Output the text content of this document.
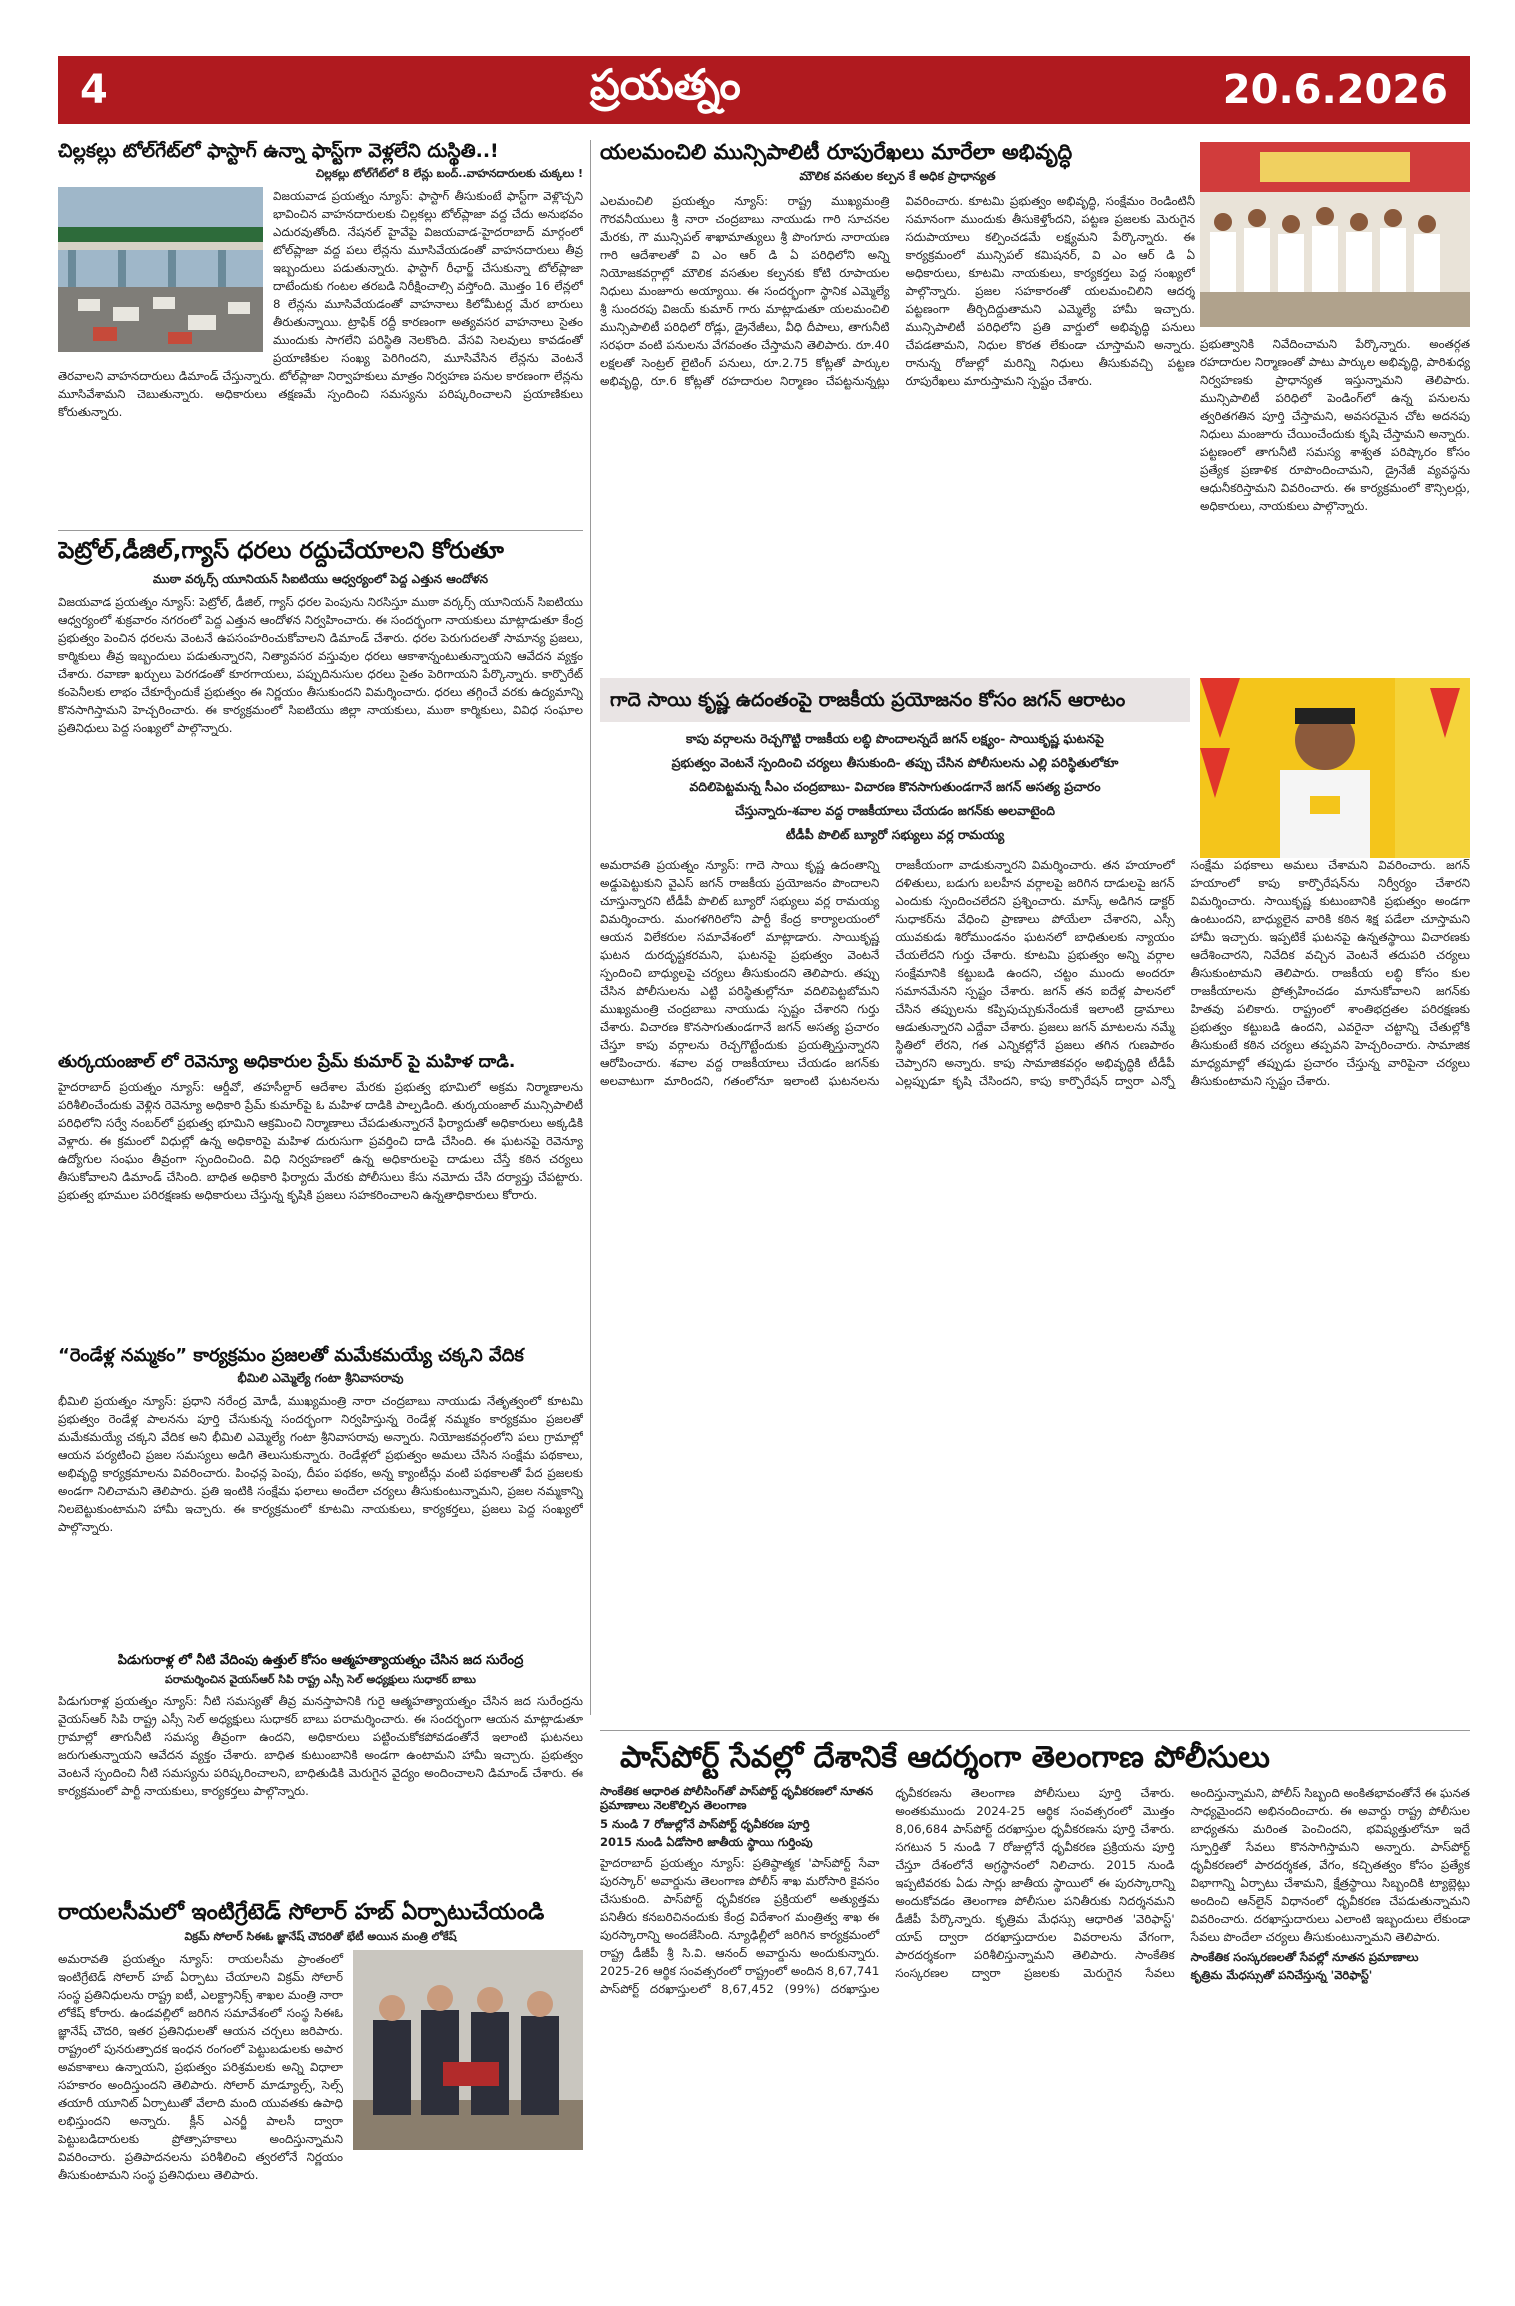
4	ప్రయత్నం	20.6.2026
చిల్లకల్లు టోల్‌గేట్‌లో ఫాస్టాగ్ ఉన్నా ఫాస్ట్‌గా వెళ్లలేని దుస్థితి..!
చిల్లకల్లు టోల్‌గేట్‌లో 8 లేన్లు బంద్..వాహనదారులకు చుక్కలు !
విజయవాడ ప్రయత్నం న్యూస్: ఫాస్టాగ్ తీసుకుంటే ఫాస్ట్‌గా వెళ్లొచ్చని భావించిన వాహనదారులకు చిల్లకల్లు టోల్‌ప్లాజా వద్ద చేదు అనుభవం ఎదురవుతోంది. నేషనల్ హైవేపై విజయవాడ-హైదరాబాద్ మార్గంలో టోల్‌ప్లాజా వద్ద పలు లేన్లను మూసివేయడంతో వాహనదారులు తీవ్ర ఇబ్బందులు పడుతున్నారు. ఫాస్టాగ్ రీఛార్జ్ చేసుకున్నా టోల్‌ప్లాజా దాటేందుకు గంటల తరబడి నిరీక్షించాల్సి వస్తోంది. మొత్తం 16 లేన్లలో 8 లేన్లను మూసివేయడంతో వాహనాలు కిలోమీటర్ల మేర బారులు తీరుతున్నాయి. ట్రాఫిక్ రద్దీ కారణంగా అత్యవసర వాహనాలు సైతం ముందుకు సాగలేని పరిస్థితి నెలకొంది. వేసవి సెలవులు కావడంతో ప్రయాణికుల సంఖ్య పెరిగిందని, మూసివేసిన లేన్లను వెంటనే తెరవాలని వాహనదారులు డిమాండ్ చేస్తున్నారు. టోల్‌ప్లాజా నిర్వాహకులు మాత్రం నిర్వహణ పనుల కారణంగా లేన్లను మూసివేశామని చెబుతున్నారు. అధికారులు తక్షణమే స్పందించి సమస్యను పరిష్కరించాలని ప్రయాణికులు కోరుతున్నారు.
పెట్రోల్,డీజిల్,గ్యాస్ ధరలు రద్దుచేయాలని కోరుతూ
ముఠా వర్కర్స్ యూనియన్ సిఐటియు ఆధ్వర్యంలో పెద్ద ఎత్తున ఆందోళన
విజయవాడ ప్రయత్నం న్యూస్: పెట్రోల్, డీజిల్, గ్యాస్ ధరల పెంపును నిరసిస్తూ ముఠా వర్కర్స్ యూనియన్ సిఐటియు ఆధ్వర్యంలో శుక్రవారం నగరంలో పెద్ద ఎత్తున ఆందోళన నిర్వహించారు. ఈ సందర్భంగా నాయకులు మాట్లాడుతూ కేంద్ర ప్రభుత్వం పెంచిన ధరలను వెంటనే ఉపసంహరించుకోవాలని డిమాండ్ చేశారు. ధరల పెరుగుదలతో సామాన్య ప్రజలు, కార్మికులు తీవ్ర ఇబ్బందులు పడుతున్నారని, నిత్యావసర వస్తువుల ధరలు ఆకాశాన్నంటుతున్నాయని ఆవేదన వ్యక్తం చేశారు. రవాణా ఖర్చులు పెరగడంతో కూరగాయలు, పప్పుదినుసుల ధరలు సైతం పెరిగాయని పేర్కొన్నారు. కార్పొరేట్ కంపెనీలకు లాభం చేకూర్చేందుకే ప్రభుత్వం ఈ నిర్ణయం తీసుకుందని విమర్శించారు. ధరలు తగ్గించే వరకు ఉద్యమాన్ని కొనసాగిస్తామని హెచ్చరించారు. ఈ కార్యక్రమంలో సిఐటియు జిల్లా నాయకులు, ముఠా కార్మికులు, వివిధ సంఘాల ప్రతినిధులు పెద్ద సంఖ్యలో పాల్గొన్నారు.
తుర్కయంజాల్ లో రెవెన్యూ అధికారుల ప్రేమ్ కుమార్ పై మహిళ దాడి.
హైదరాబాద్ ప్రయత్నం న్యూస్: ఆర్డీవో, తహసీల్దార్ ఆదేశాల మేరకు ప్రభుత్వ భూమిలో అక్రమ నిర్మాణాలను పరిశీలించేందుకు వెళ్లిన రెవెన్యూ అధికారి ప్రేమ్ కుమార్‌పై ఓ మహిళ దాడికి పాల్పడింది. తుర్కయంజాల్ మున్సిపాలిటీ పరిధిలోని సర్వే నంబర్‌లో ప్రభుత్వ భూమిని ఆక్రమించి నిర్మాణాలు చేపడుతున్నారనే ఫిర్యాదుతో అధికారులు అక్కడికి వెళ్లారు. ఈ క్రమంలో విధుల్లో ఉన్న అధికారిపై మహిళ దురుసుగా ప్రవర్తించి దాడి చేసింది. ఈ ఘటనపై రెవెన్యూ ఉద్యోగుల సంఘం తీవ్రంగా స్పందించింది. విధి నిర్వహణలో ఉన్న అధికారులపై దాడులు చేస్తే కఠిన చర్యలు తీసుకోవాలని డిమాండ్ చేసింది. బాధిత అధికారి ఫిర్యాదు మేరకు పోలీసులు కేసు నమోదు చేసి దర్యాప్తు చేపట్టారు. ప్రభుత్వ భూముల పరిరక్షణకు అధికారులు చేస్తున్న కృషికి ప్రజలు సహకరించాలని ఉన్నతాధికారులు కోరారు.
“రెండేళ్ల నమ్మకం” కార్యక్రమం ప్రజలతో మమేకమయ్యే చక్కని వేదిక
భీమిలి ఎమ్మెల్యే గంటా శ్రీనివాసరావు
భీమిలి ప్రయత్నం న్యూస్: ప్రధాని నరేంద్ర మోడీ, ముఖ్యమంత్రి నారా చంద్రబాబు నాయుడు నేతృత్వంలో కూటమి ప్రభుత్వం రెండేళ్ల పాలనను పూర్తి చేసుకున్న సందర్భంగా నిర్వహిస్తున్న రెండేళ్ల నమ్మకం కార్యక్రమం ప్రజలతో మమేకమయ్యే చక్కని వేదిక అని భీమిలి ఎమ్మెల్యే గంటా శ్రీనివాసరావు అన్నారు. నియోజకవర్గంలోని పలు గ్రామాల్లో ఆయన పర్యటించి ప్రజల సమస్యలు అడిగి తెలుసుకున్నారు. రెండేళ్లలో ప్రభుత్వం అమలు చేసిన సంక్షేమ పథకాలు, అభివృద్ధి కార్యక్రమాలను వివరించారు. పింఛన్ల పెంపు, దీపం పథకం, అన్న క్యాంటీన్లు వంటి పథకాలతో పేద ప్రజలకు అండగా నిలిచామని తెలిపారు. ప్రతి ఇంటికి సంక్షేమ ఫలాలు అందేలా చర్యలు తీసుకుంటున్నామని, ప్రజల నమ్మకాన్ని నిలబెట్టుకుంటామని హామీ ఇచ్చారు. ఈ కార్యక్రమంలో కూటమి నాయకులు, కార్యకర్తలు, ప్రజలు పెద్ద సంఖ్యలో పాల్గొన్నారు.
పిడుగురాళ్ల లో నీటి వేదింపు ఉత్తుల్ కోసం ఆత్మహత్యాయత్నం చేసిన జద సురేంద్ర
పరామర్శించిన వైయస్ఆర్ సిపి రాష్ట్ర ఎస్సీ సెల్ అధ్యక్షులు సుధాకర్ బాబు
పిడుగురాళ్ల ప్రయత్నం న్యూస్: నీటి సమస్యతో తీవ్ర మనస్తాపానికి గురై ఆత్మహత్యాయత్నం చేసిన జద సురేంద్రను వైయస్ఆర్ సిపి రాష్ట్ర ఎస్సీ సెల్ అధ్యక్షులు సుధాకర్ బాబు పరామర్శించారు. ఈ సందర్భంగా ఆయన మాట్లాడుతూ గ్రామాల్లో తాగునీటి సమస్య తీవ్రంగా ఉందని, అధికారులు పట్టించుకోకపోవడంతోనే ఇలాంటి ఘటనలు జరుగుతున్నాయని ఆవేదన వ్యక్తం చేశారు. బాధిత కుటుంబానికి అండగా ఉంటామని హామీ ఇచ్చారు. ప్రభుత్వం వెంటనే స్పందించి నీటి సమస్యను పరిష్కరించాలని, బాధితుడికి మెరుగైన వైద్యం అందించాలని డిమాండ్ చేశారు. ఈ కార్యక్రమంలో పార్టీ నాయకులు, కార్యకర్తలు పాల్గొన్నారు.
రాయలసీమలో ఇంటిగ్రేటెడ్ సోలార్ హబ్ ఏర్పాటుచేయండి
విక్రమ్ సోలార్ సిఈఓ జ్ఞానేష్ చౌదరితో భేటీ అయిన మంత్రి లోకేష్
అమరావతి ప్రయత్నం న్యూస్: రాయలసీమ ప్రాంతంలో ఇంటిగ్రేటెడ్ సోలార్ హబ్ ఏర్పాటు చేయాలని విక్రమ్ సోలార్ సంస్థ ప్రతినిధులను రాష్ట్ర ఐటీ, ఎలక్ట్రానిక్స్ శాఖల మంత్రి నారా లోకేష్ కోరారు. ఉండవల్లిలో జరిగిన సమావేశంలో సంస్థ సిఈఓ జ్ఞానేష్ చౌదరి, ఇతర ప్రతినిధులతో ఆయన చర్చలు జరిపారు. రాష్ట్రంలో పునరుత్పాదక ఇంధన రంగంలో పెట్టుబడులకు అపార అవకాశాలు ఉన్నాయని, ప్రభుత్వం పరిశ్రమలకు అన్ని విధాలా సహకారం అందిస్తుందని తెలిపారు. సోలార్ మాడ్యూల్స్, సెల్స్ తయారీ యూనిట్ ఏర్పాటుతో వేలాది మంది యువతకు ఉపాధి లభిస్తుందని అన్నారు. క్లీన్ ఎనర్జీ పాలసీ ద్వారా పెట్టుబడిదారులకు ప్రోత్సాహకాలు అందిస్తున్నామని వివరించారు. ప్రతిపాదనలను పరిశీలించి త్వరలోనే నిర్ణయం తీసుకుంటామని సంస్థ ప్రతినిధులు తెలిపారు.
యలమంచిలి మున్సిపాలిటీ రూపురేఖలు మారేలా అభివృద్ధి
మౌలిక వసతుల కల్పన కే అధిక ప్రాధాన్యత
ఎలమంచిలి ప్రయత్నం న్యూస్: రాష్ట్ర ముఖ్యమంత్రి గౌరవనీయులు శ్రీ నారా చంద్రబాబు నాయుడు గారి సూచనల మేరకు, గౌ మున్సిపల్ శాఖామాత్యులు శ్రీ పొంగూరు నారాయణ గారి ఆదేశాలతో వి ఎం ఆర్ డి ఏ పరిధిలోని అన్ని నియోజకవర్గాల్లో మౌలిక వసతుల కల్పనకు కోటి రూపాయల నిధులు మంజూరు అయ్యాయి. ఈ సందర్భంగా స్థానిక ఎమ్మెల్యే శ్రీ సుందరపు విజయ్ కుమార్ గారు మాట్లాడుతూ యలమంచిలి మున్సిపాలిటీ పరిధిలో రోడ్లు, డ్రైనేజీలు, వీధి దీపాలు, తాగునీటి సరఫరా వంటి పనులను వేగవంతం చేస్తామని తెలిపారు. రూ.40 లక్షలతో సెంట్రల్ లైటింగ్ పనులు, రూ.2.75 కోట్లతో పార్కుల అభివృద్ధి, రూ.6 కోట్లతో రహదారుల నిర్మాణం చేపట్టనున్నట్లు వివరించారు. కూటమి ప్రభుత్వం అభివృద్ధి, సంక్షేమం రెండింటినీ సమానంగా ముందుకు తీసుకెళ్తోందని, పట్టణ ప్రజలకు మెరుగైన సదుపాయాలు కల్పించడమే లక్ష్యమని పేర్కొన్నారు. ఈ కార్యక్రమంలో మున్సిపల్ కమిషనర్, వి ఎం ఆర్ డి ఏ అధికారులు, కూటమి నాయకులు, కార్యకర్తలు పెద్ద సంఖ్యలో పాల్గొన్నారు. ప్రజల సహకారంతో యలమంచిలిని ఆదర్శ పట్టణంగా తీర్చిదిద్దుతామని ఎమ్మెల్యే హామీ ఇచ్చారు. మున్సిపాలిటీ పరిధిలోని ప్రతి వార్డులో అభివృద్ధి పనులు చేపడతామని, నిధుల కొరత లేకుండా చూస్తామని అన్నారు. రానున్న రోజుల్లో మరిన్ని నిధులు తీసుకువచ్చి పట్టణ రూపురేఖలు మారుస్తామని స్పష్టం చేశారు.
ప్రభుత్వానికి నివేదించామని పేర్కొన్నారు. అంతర్గత రహదారుల నిర్మాణంతో పాటు పార్కుల అభివృద్ధి, పారిశుధ్య నిర్వహణకు ప్రాధాన్యత ఇస్తున్నామని తెలిపారు. మున్సిపాలిటీ పరిధిలో పెండింగ్‌లో ఉన్న పనులను త్వరితగతిన పూర్తి చేస్తామని, అవసరమైన చోట అదనపు నిధులు మంజూరు చేయించేందుకు కృషి చేస్తామని అన్నారు. పట్టణంలో తాగునీటి సమస్య శాశ్వత పరిష్కారం కోసం ప్రత్యేక ప్రణాళిక రూపొందించామని, డ్రైనేజీ వ్యవస్థను ఆధునీకరిస్తామని వివరించారు. ఈ కార్యక్రమంలో కౌన్సిలర్లు, అధికారులు, నాయకులు పాల్గొన్నారు.
గాదె సాయి కృష్ణ ఉదంతంపై రాజకీయ ప్రయోజనం కోసం జగన్ ఆరాటం
కాపు వర్గాలను రెచ్చగొట్టి రాజకీయ లబ్ధి పొందాలన్నదే జగన్ లక్ష్యం- సాయికృష్ణ ఘటనపై
ప్రభుత్వం వెంటనే స్పందించి చర్యలు తీసుకుంది- తప్పు చేసిన పోలీసులను ఎల్లి పరిస్థితులోకూ
వదిలిపెట్టమన్న సీఎం చంద్రబాబు- విచారణ కొనసాగుతుండగానే జగన్ అసత్య ప్రచారం
చేస్తున్నారు-శవాల వద్ద రాజకీయాలు చేయడం జగన్‌కు అలవాటైంది
టీడీపీ పొలిట్ బ్యూరో సభ్యులు వర్ల రామయ్య
అమరావతి ప్రయత్నం న్యూస్: గాదె సాయి కృష్ణ ఉదంతాన్ని అడ్డుపెట్టుకుని వైఎస్ జగన్ రాజకీయ ప్రయోజనం పొందాలని చూస్తున్నారని టీడీపీ పొలిట్ బ్యూరో సభ్యులు వర్ల రామయ్య విమర్శించారు. మంగళగిరిలోని పార్టీ కేంద్ర కార్యాలయంలో ఆయన విలేకరుల సమావేశంలో మాట్లాడారు. సాయికృష్ణ ఘటన దురదృష్టకరమని, ఘటనపై ప్రభుత్వం వెంటనే స్పందించి బాధ్యులపై చర్యలు తీసుకుందని తెలిపారు. తప్పు చేసిన పోలీసులను ఎట్టి పరిస్థితుల్లోనూ వదిలిపెట్టబోమని ముఖ్యమంత్రి చంద్రబాబు నాయుడు స్పష్టం చేశారని గుర్తు చేశారు. విచారణ కొనసాగుతుండగానే జగన్ అసత్య ప్రచారం చేస్తూ కాపు వర్గాలను రెచ్చగొట్టేందుకు ప్రయత్నిస్తున్నారని ఆరోపించారు. శవాల వద్ద రాజకీయాలు చేయడం జగన్‌కు అలవాటుగా మారిందని, గతంలోనూ ఇలాంటి ఘటనలను రాజకీయంగా వాడుకున్నారని విమర్శించారు. తన హయాంలో దళితులు, బడుగు బలహీన వర్గాలపై జరిగిన దాడులపై జగన్ ఎందుకు స్పందించలేదని ప్రశ్నించారు. మాస్క్ అడిగిన డాక్టర్ సుధాకర్‌ను వేధించి ప్రాణాలు పోయేలా చేశారని, ఎస్సీ యువకుడు శిరోముండనం ఘటనలో బాధితులకు న్యాయం చేయలేదని గుర్తు చేశారు. కూటమి ప్రభుత్వం అన్ని వర్గాల సంక్షేమానికి కట్టుబడి ఉందని, చట్టం ముందు అందరూ సమానమేనని స్పష్టం చేశారు. జగన్ తన ఐదేళ్ల పాలనలో చేసిన తప్పులను కప్పిపుచ్చుకునేందుకే ఇలాంటి డ్రామాలు ఆడుతున్నారని ఎద్దేవా చేశారు. ప్రజలు జగన్ మాటలను నమ్మే స్థితిలో లేరని, గత ఎన్నికల్లోనే ప్రజలు తగిన గుణపాఠం చెప్పారని అన్నారు. కాపు సామాజికవర్గం అభివృద్ధికి టీడీపీ ఎల్లప్పుడూ కృషి చేసిందని, కాపు కార్పొరేషన్ ద్వారా ఎన్నో సంక్షేమ పథకాలు అమలు చేశామని వివరించారు. జగన్ హయాంలో కాపు కార్పొరేషన్‌ను నిర్వీర్యం చేశారని విమర్శించారు. సాయికృష్ణ కుటుంబానికి ప్రభుత్వం అండగా ఉంటుందని, బాధ్యులైన వారికి కఠిన శిక్ష పడేలా చూస్తామని హామీ ఇచ్చారు. ఇప్పటికే ఘటనపై ఉన్నతస్థాయి విచారణకు ఆదేశించారని, నివేదిక వచ్చిన వెంటనే తదుపరి చర్యలు తీసుకుంటామని తెలిపారు. రాజకీయ లబ్ధి కోసం కుల రాజకీయాలను ప్రోత్సహించడం మానుకోవాలని జగన్‌కు హితవు పలికారు. రాష్ట్రంలో శాంతిభద్రతల పరిరక్షణకు ప్రభుత్వం కట్టుబడి ఉందని, ఎవరైనా చట్టాన్ని చేతుల్లోకి తీసుకుంటే కఠిన చర్యలు తప్పవని హెచ్చరించారు. సామాజిక మాధ్యమాల్లో తప్పుడు ప్రచారం చేస్తున్న వారిపైనా చర్యలు తీసుకుంటామని స్పష్టం చేశారు.
పాస్‌పోర్ట్ సేవల్లో దేశానికే ఆదర్శంగా తెలంగాణ పోలీసులు
సాంకేతిక ఆధారిత పోలీసింగ్‌తో పాస్‌పోర్ట్ ధృవీకరణలో నూతన ప్రమాణాలు నెలకొల్పిన తెలంగాణ
5 నుండి 7 రోజుల్లోనే పాస్‌పోర్ట్ ధృవీకరణ పూర్తి
2015 నుండి ఏడోసారి జాతీయ స్థాయి గుర్తింపు
హైదరాబాద్ ప్రయత్నం న్యూస్: ప్రతిష్ఠాత్మక 'పాస్‌పోర్ట్ సేవా పురస్కార్' అవార్డును తెలంగాణ పోలీస్ శాఖ మరోసారి కైవసం చేసుకుంది. పాస్‌పోర్ట్ ధృవీకరణ ప్రక్రియలో అత్యుత్తమ పనితీరు కనబరిచినందుకు కేంద్ర విదేశాంగ మంత్రిత్వ శాఖ ఈ పురస్కారాన్ని అందజేసింది. న్యూఢిల్లీలో జరిగిన కార్యక్రమంలో రాష్ట్ర డీజీపీ శ్రీ సి.వి. ఆనంద్ అవార్డును అందుకున్నారు. 2025-26 ఆర్థిక సంవత్సరంలో రాష్ట్రంలో అందిన 8,67,741 పాస్‌పోర్ట్ దరఖాస్తులలో 8,67,452 (99%) దరఖాస్తుల ధృవీకరణను తెలంగాణ పోలీసులు పూర్తి చేశారు. అంతకుముందు 2024-25 ఆర్థిక సంవత్సరంలో మొత్తం 8,06,684 పాస్‌పోర్ట్ దరఖాస్తుల ధృవీకరణను పూర్తి చేశారు. సగటున 5 నుండి 7 రోజుల్లోనే ధృవీకరణ ప్రక్రియను పూర్తి చేస్తూ దేశంలోనే అగ్రస్థానంలో నిలిచారు. 2015 నుండి ఇప్పటివరకు ఏడు సార్లు జాతీయ స్థాయిలో ఈ పురస్కారాన్ని అందుకోవడం తెలంగాణ పోలీసుల పనితీరుకు నిదర్శనమని డీజీపీ పేర్కొన్నారు. కృత్రిమ మేధస్సు ఆధారిత 'వెరిఫాస్ట్' యాప్ ద్వారా దరఖాస్తుదారుల వివరాలను వేగంగా, పారదర్శకంగా పరిశీలిస్తున్నామని తెలిపారు. సాంకేతిక సంస్కరణల ద్వారా ప్రజలకు మెరుగైన సేవలు అందిస్తున్నామని, పోలీస్ సిబ్బంది అంకితభావంతోనే ఈ ఘనత సాధ్యమైందని అభినందించారు. ఈ అవార్డు రాష్ట్ర పోలీసుల బాధ్యతను మరింత పెంచిందని, భవిష్యత్తులోనూ ఇదే స్ఫూర్తితో సేవలు కొనసాగిస్తామని అన్నారు. పాస్‌పోర్ట్ ధృవీకరణలో పారదర్శకత, వేగం, కచ్చితత్వం కోసం ప్రత్యేక విభాగాన్ని ఏర్పాటు చేశామని, క్షేత్రస్థాయి సిబ్బందికి ట్యాబ్లెట్లు అందించి ఆన్‌లైన్ విధానంలో ధృవీకరణ చేపడుతున్నామని వివరించారు. దరఖాస్తుదారులు ఎలాంటి ఇబ్బందులు లేకుండా సేవలు పొందేలా చర్యలు తీసుకుంటున్నామని తెలిపారు.
సాంకేతిక సంస్కరణలతో సేవల్లో నూతన ప్రమాణాలు
కృత్రిమ మేధస్సుతో పనిచేస్తున్న 'వెరిఫాస్ట్'
